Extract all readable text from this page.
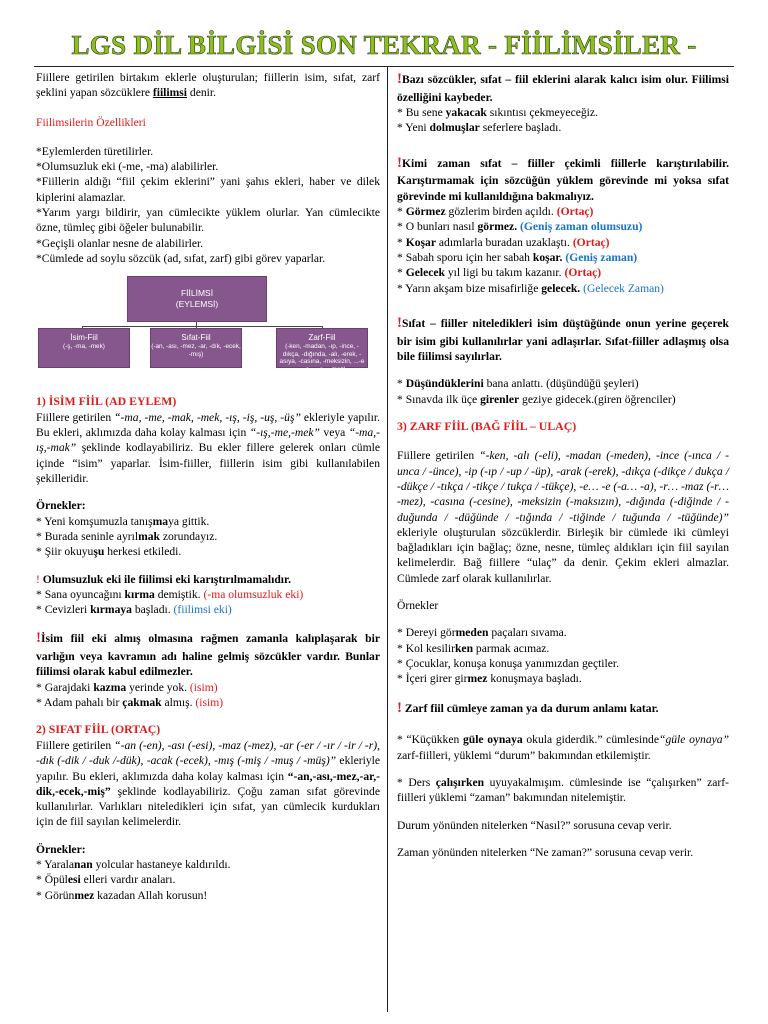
LGS DİL BİLGİSİ SON TEKRAR - FİİLİMSİLER -

Fiillere getirilen birtakım eklerle oluşturulan; fiillerin isim, sıfat, zarf şeklini yapan sözcüklere fiilimsi denir.

Fiilimsilerin Özellikleri

*Eylemlerden türetilirler.

*Olumsuzluk eki (-me, -ma) alabilirler.

*Fiillerin aldığı “fiil çekim eklerini” yani şahıs ekleri, haber ve dilek kiplerini alamazlar.

*Yarım yargı bildirir, yan cümlecikte yüklem olurlar. Yan cümlecikte özne, tümleç gibi öğeler bulunabilir.

*Geçişli olanlar nesne de alabilirler.

*Cümlede ad soylu sözcük (ad, sıfat, zarf) gibi görev yaparlar.

FİİLİMSİ
(EYLEMSİ)
İsim-Fiil
(-ş, -ma, -mek)
Sıfat-Fiil
(-an, -ası, -mez, -ar, -dık, -ecek, -mış)
Zarf-Fiil
(-ken, -madan, -ıp, -ince, -dıkça, -dığında, -alı, -erek, -asıya, -casına, -meksizin, ...-e ...-e, ...-r ...-mez)

1) İSİM FİİL (AD EYLEM)

Fiillere getirilen “-ma, -me, -mak, -mek, -ış, -iş, -uş, -üş” ekleriyle yapılır. Bu ekleri, aklımızda daha kolay kalması için “-ış,-me,-mek” veya “-ma,-ış,-mak” şeklinde kodlayabiliriz. Bu ekler fillere gelerek onları cümle içinde “isim” yaparlar. İsim-fiiller, fiillerin isim gibi kullanılabilen şekilleridir.

Örnekler:

* Yeni komşumuzla tanışmaya gittik.

* Burada seninle ayrılmak zorundayız.

* Şiir okuyuşu herkesi etkiledi.

! Olumsuzluk eki ile fiilimsi eki karıştırılmamalıdır.

* Sana oyuncağını kırma demiştik. (-ma olumsuzluk eki)

* Cevizleri kırmaya başladı. (fiilimsi eki)

!İsim fiil eki almış olmasına rağmen zamanla kalıplaşarak bir varlığın veya kavramın adı haline gelmiş sözcükler vardır. Bunlar fiilimsi olarak kabul edilmezler.

* Garajdaki kazma yerinde yok. (isim)

* Adam pahalı bir çakmak almış. (isim)

2) SIFAT FİİL (ORTAÇ)

Fiillere getirilen “-an (-en), -ası (-esi), -maz (-mez), -ar (-er / -ır / -ir / -r), -dık (-dik / -duk /-dük), -acak (-ecek), -mış (-miş / -muş / -müş)” ekleriyle yapılır. Bu ekleri, aklımızda daha kolay kalması için “-an,-ası,-mez,-ar,-dik,-ecek,-miş” şeklinde kodlayabiliriz. Çoğu zaman sıfat görevinde kullanılırlar. Varlıkları niteledikleri için sıfat, yan cümlecik kurdukları için de fiil sayılan kelimelerdir.

Örnekler:

* Yaralanan yolcular hastaneye kaldırıldı.

* Öpülesi elleri vardır anaları.

* Görünmez kazadan Allah korusun!

!Bazı sözcükler, sıfat – fiil eklerini alarak kalıcı isim olur. Fiilimsi özelliğini kaybeder.

* Bu sene yakacak sıkıntısı çekmeyeceğiz.

* Yeni dolmuşlar seferlere başladı.

!Kimi zaman sıfat – fiiller çekimli fiillerle karıştırılabilir. Karıştırmamak için sözcüğün yüklem görevinde mi yoksa sıfat görevinde mi kullanıldığına bakmalıyız.

* Görmez gözlerim birden açıldı. (Ortaç)

* O bunları nasıl görmez. (Geniş zaman olumsuzu)

* Koşar adımlarla buradan uzaklaştı. (Ortaç)

* Sabah sporu için her sabah koşar. (Geniş zaman)

* Gelecek yıl ligi bu takım kazanır. (Ortaç)

* Yarın akşam bize misafirliğe gelecek. (Gelecek Zaman)

!Sıfat – fiiller niteledikleri isim düştüğünde onun yerine geçerek bir isim gibi kullanılırlar yani adlaşırlar. Sıfat-fiiller adlaşmış olsa bile fiilimsi sayılırlar.

* Düşündüklerini bana anlattı. (düşündüğü şeyleri)

* Sınavda ilk üçe girenler geziye gidecek.(giren öğrenciler)

3) ZARF FİİL (BAĞ FİİL – ULAÇ)

Fiillere getirilen “-ken, -alı (-eli), -madan (-meden), -ince (-ınca / -unca / -ünce), -ip (-ıp / -up / -üp), -arak (-erek), -dıkça (-dikçe / dukça / -dükçe / -tıkça / -tikçe / tukça / -tükçe), -e… -e (-a… -a), -r… -maz (-r… -mez), -casına (-cesine), -meksizin (-maksızın), -dığında (-diğinde / -duğunda / -düğünde / -tığında / -tiğinde / tuğunda / -tüğünde)” ekleriyle oluşturulan sözcüklerdir. Birleşik bir cümlede iki cümleyi bağladıkları için bağlaç; özne, nesne, tümleç aldıkları için fiil sayılan kelimelerdir. Bağ fiillere “ulaç” da denir. Çekim ekleri almazlar. Cümlede zarf olarak kullanılırlar.

Örnekler

* Dereyi görmeden paçaları sıvama.

* Kol kesilirken parmak acımaz.

* Çocuklar, konuşa konuşa yanımızdan geçtiler.

* İçeri girer girmez konuşmaya başladı.

! Zarf fiil cümleye zaman ya da durum anlamı katar.

* “Küçükken güle oynaya okula giderdik.” cümlesinde“güle oynaya” zarf-fiilleri, yüklemi “durum” bakımından etkilemiştir.

* Ders çalışırken uyuyakalmışım. cümlesinde ise “çalışırken” zarf-fiilleri yüklemi “zaman” bakımından nitelemiştir.

Durum yönünden nitelerken “Nasıl?” sorusuna cevap verir.

Zaman yönünden nitelerken “Ne zaman?” sorusuna cevap verir.
